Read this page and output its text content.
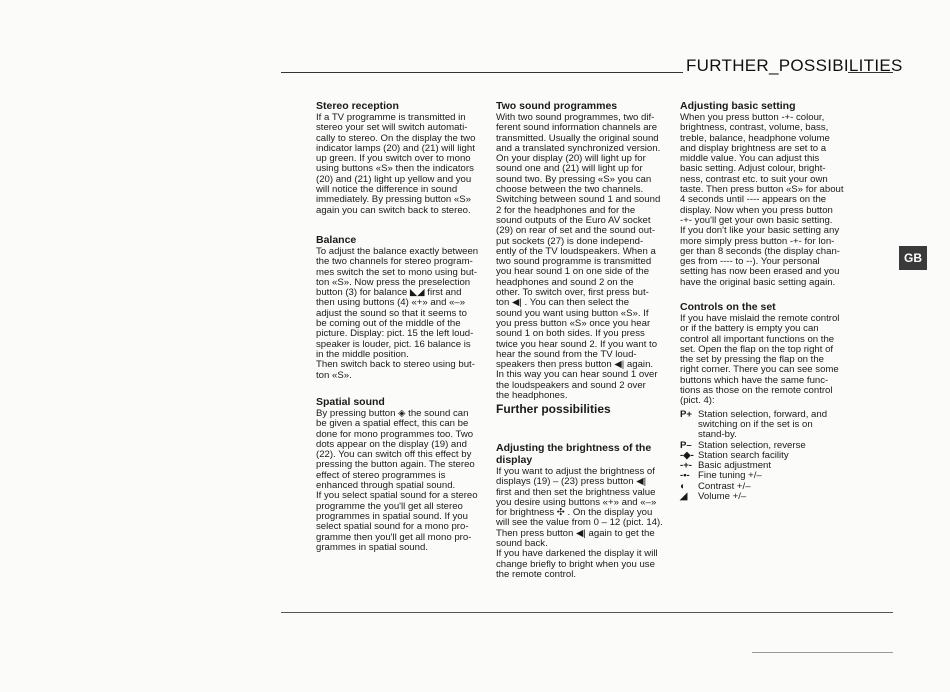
FURTHER_POSSIBILITIES
GB
Stereo reception

If a TV programme is transmitted in

stereo your set will switch automati-

cally to stereo. On the display the two

indicator lamps (20) and (21) will light

up green. If you switch over to mono

using buttons «S» then the indicators

(20) and (21) light up yellow and you

will notice the difference in sound

immediately. By pressing button «S»

again you can switch back to stereo.

Balance

To adjust the balance exactly between

the two channels for stereo program-

mes switch the set to mono using but-

ton «S». Now press the preselection

button (3) for balance ◣◢ first and

then using buttons (4) «+» and «–»

adjust the sound so that it seems to

be coming out of the middle of the

picture. Display: pict. 15 the left loud-

speaker is louder, pict. 16 balance is

in the middle position.

Then switch back to stereo using but-

ton «S».

Spatial sound

By pressing button ◈ the sound can

be given a spatial effect, this can be

done for mono programmes too. Two

dots appear on the display (19) and

(22). You can switch off this effect by

pressing the button again. The stereo

effect of stereo programmes is

enhanced through spatial sound.

If you select spatial sound for a stereo

programme the you'll get all stereo

programmes in spatial sound. If you

select spatial sound for a mono pro-

gramme then you'll get all mono pro-

grammes in spatial sound.

Two sound programmes

With two sound programmes, two dif-

ferent sound information channels are

transmitted. Usually the original sound

and a translated synchronized version.

On your display (20) will light up for

sound one and (21) will light up for

sound two. By pressing «S» you can

choose between the two channels.

Switching between sound 1 and sound

2 for the headphones and for the

sound outputs of the Euro AV socket

(29) on rear of set and the sound out-

put sockets (27) is done independ-

ently of the TV loudspeakers. When a

two sound programme is transmitted

you hear sound 1 on one side of the

headphones and sound 2 on the

other. To switch over, first press but-

ton ◀| . You can then select the

sound you want using button «S». If

you press button «S» once you hear

sound 1 on both sides. If you press

twice you hear sound 2. If you want to

hear the sound from the TV loud-

speakers then press button ◀| again.

In this way you can hear sound 1 over

the loudspeakers and sound 2 over

the headphones.

Further possibilities
Adjusting the brightness of the display

If you want to adjust the brightness of

displays (19) – (23) press button ◀|

first and then set the brightness value

you desire using buttons «+» and «–»

for brightness ✣ . On the display you

will see the value from 0 – 12 (pict. 14).

Then press button ◀| again to get the

sound back.

If you have darkened the display it will

change briefly to bright when you use

the remote control.

Adjusting basic setting

When you press button -+- colour,

brightness, contrast, volume, bass,

treble, balance, headphone volume

and display brightness are set to a

middle value. You can adjust this

basic setting. Adjust colour, bright-

ness, contrast etc. to suit your own

taste. Then press button «S» for about

4 seconds until ---- appears on the

display. Now when you press button

-+- you'll get your own basic setting.

If you don't like your basic setting any

more simply press button -+- for lon-

ger than 8 seconds (the display chan-

ges from ---- to --). Your personal

setting has now been erased and you

have the original basic setting again.

Controls on the set

If you have mislaid the remote control

or if the battery is empty you can

control all important functions on the

set. Open the flap on the top right of

the set by pressing the flap on the

right corner. There you can see some

buttons which have the same func-

tions as those on the remote control

(pict. 4):

P+ Station selection, forward, and
switching on if the set is on
stand-by.
P– Station selection, reverse
-◆- Station search facility
-+- Basic adjustment
-•- Fine tuning +/–
◐ Contrast +/–
◢ Volume +/–
